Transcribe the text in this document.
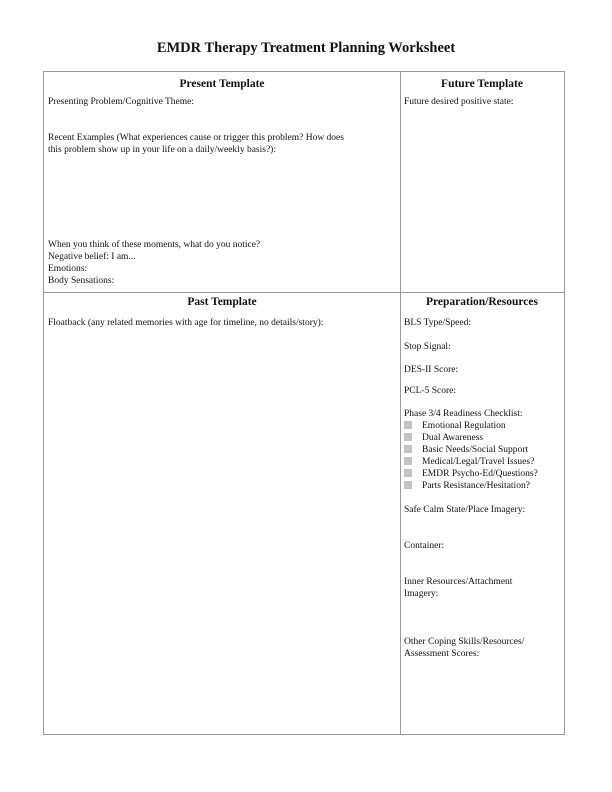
EMDR Therapy Treatment Planning Worksheet
Present Template
Presenting Problem/Cognitive Theme:
Recent Examples (What experiences cause or trigger this problem? How does
this problem show up in your life on a daily/weekly basis?):
When you think of these moments, what do you notice?
Negative belief: I am...
Emotions:
Body Sensations:
Future Template
Future desired positive state:
Past Template
Floatback (any related memories with age for timeline, no details/story):
Preparation/Resources
BLS Type/Speed:
Stop Signal:
DES-II Score:
PCL-5 Score:
Phase 3/4 Readiness Checklist:
Emotional Regulation
Dual Awareness
Basic Needs/Social Support
Medical/Legal/Travel Issues?
EMDR Psycho-Ed/Questions?
Parts Resistance/Hesitation?
Safe Calm State/Place Imagery:
Container:
Inner Resources/Attachment
Imagery:
Other Coping Skills/Resources/
Assessment Scores:
